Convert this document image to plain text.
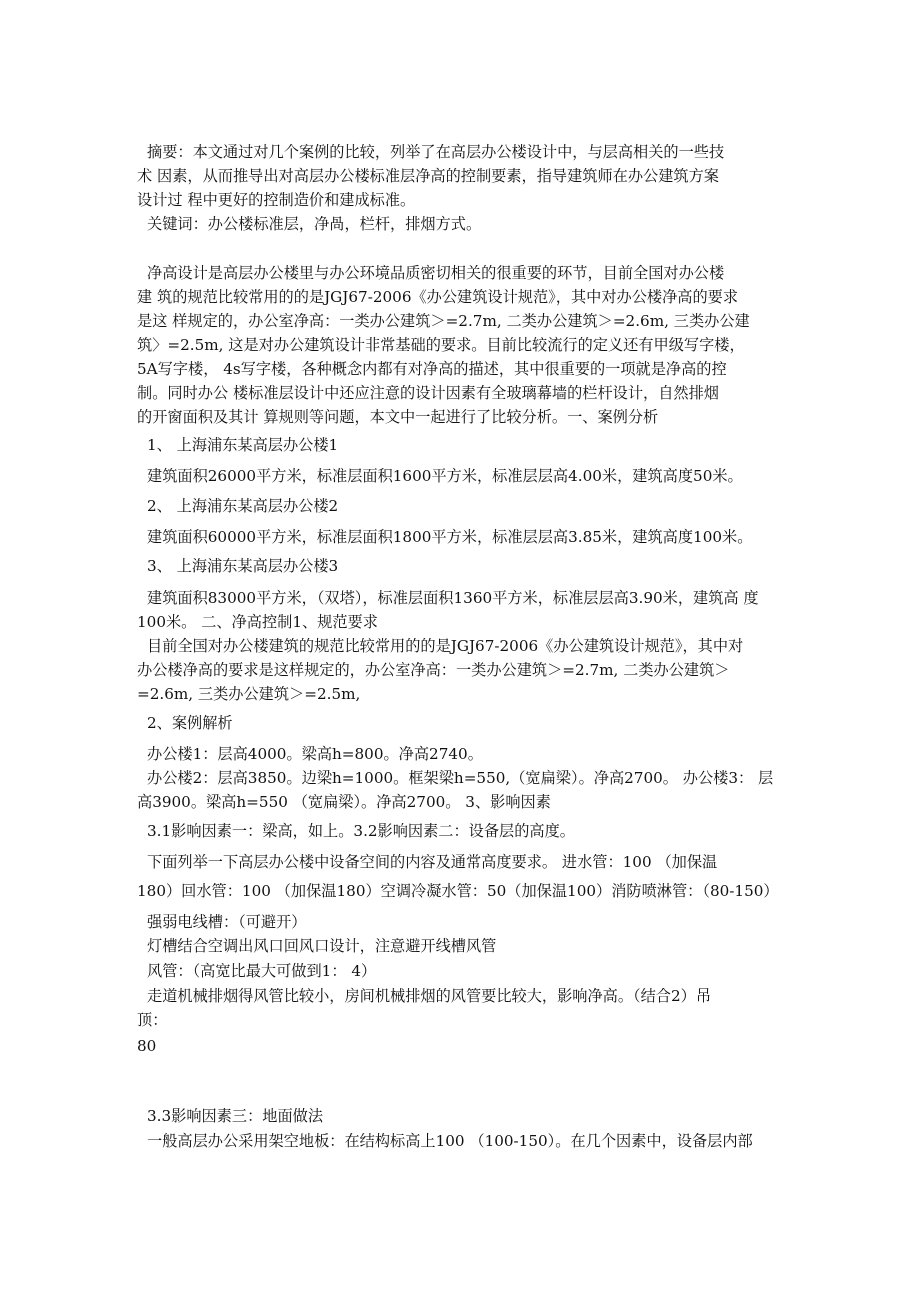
摘要：本文通过对几个案例的比较，列举了在高层办公楼设计中，与层高相关的一些技
术 因素，从而推导出对高层办公楼标准层净高的控制要素，指导建筑师在办公建筑方案
设计过 程中更好的控制造价和建成标准。
关键词：办公楼标准层，净咼，栏杆，排烟方式。
净高设计是高层办公楼里与办公环境品质密切相关的很重要的环节，目前全国对办公楼
建 筑的规范比较常用的的是JGJ67-2006《办公建筑设计规范》，其中对办公楼净高的要求
是这 样规定的，办公室净高：一类办公建筑＞=2.7m, 二类办公建筑＞=2.6m, 三类办公建
筑〉=2.5m, 这是对办公建筑设计非常基础的要求。目前比较流行的定义还有甲级写字楼，
5A写字楼， 4s写字楼，各种概念内都有对净高的描述，其中很重要的一项就是净高的控
制。同时办公 楼标准层设计中还应注意的设计因素有全玻璃幕墙的栏杆设计，自然排烟
的开窗面积及其计 算规则等问题，本文中一起进行了比较分析。一、案例分析
1、 上海浦东某高层办公楼1
建筑面积26000平方米，标准层面积1600平方米，标准层层高4.00米，建筑高度50米。
2、 上海浦东某高层办公楼2
建筑面积60000平方米，标准层面积1800平方米，标准层层高3.85米，建筑高度100米。
3、 上海浦东某高层办公楼3
建筑面积83000平方米，（双塔），标准层面积1360平方米，标准层层高3.90米，建筑高 度
100米。 二、净高控制1、规范要求
目前全国对办公楼建筑的规范比较常用的的是JGJ67-2006《办公建筑设计规范》，其中对
办公楼净高的要求是这样规定的，办公室净高：一类办公建筑＞=2.7m, 二类办公建筑＞
=2.6m, 三类办公建筑＞=2.5m,
2、案例解析
办公楼1：层高4000。梁高h=800。净高2740。
办公楼2：层高3850。边梁h=1000。框架梁h=550,（宽扁梁）。净高2700。 办公楼3： 层
高3900。梁高h=550 （宽扁梁）。净高2700。 3、影响因素
3.1影响因素一：梁高，如上。3.2影响因素二：设备层的高度。
下面列举一下高层办公楼中设备空间的内容及通常高度要求。 进水管：100 （加保温
180）回水管：100 （加保温180）空调冷凝水管：50（加保温100）消防喷淋管：（80-150）
强弱电线槽：（可避开）
灯槽结合空调出风口回风口设计，注意避开线槽风管
风管：（高宽比最大可做到1： 4）
走道机械排烟得风管比较小，房间机械排烟的风管要比较大，影响净高。（结合2）吊
顶：
80
3.3影响因素三：地面做法
一般高层办公采用架空地板：在结构标高上100 （100-150）。在几个因素中，设备层内部
